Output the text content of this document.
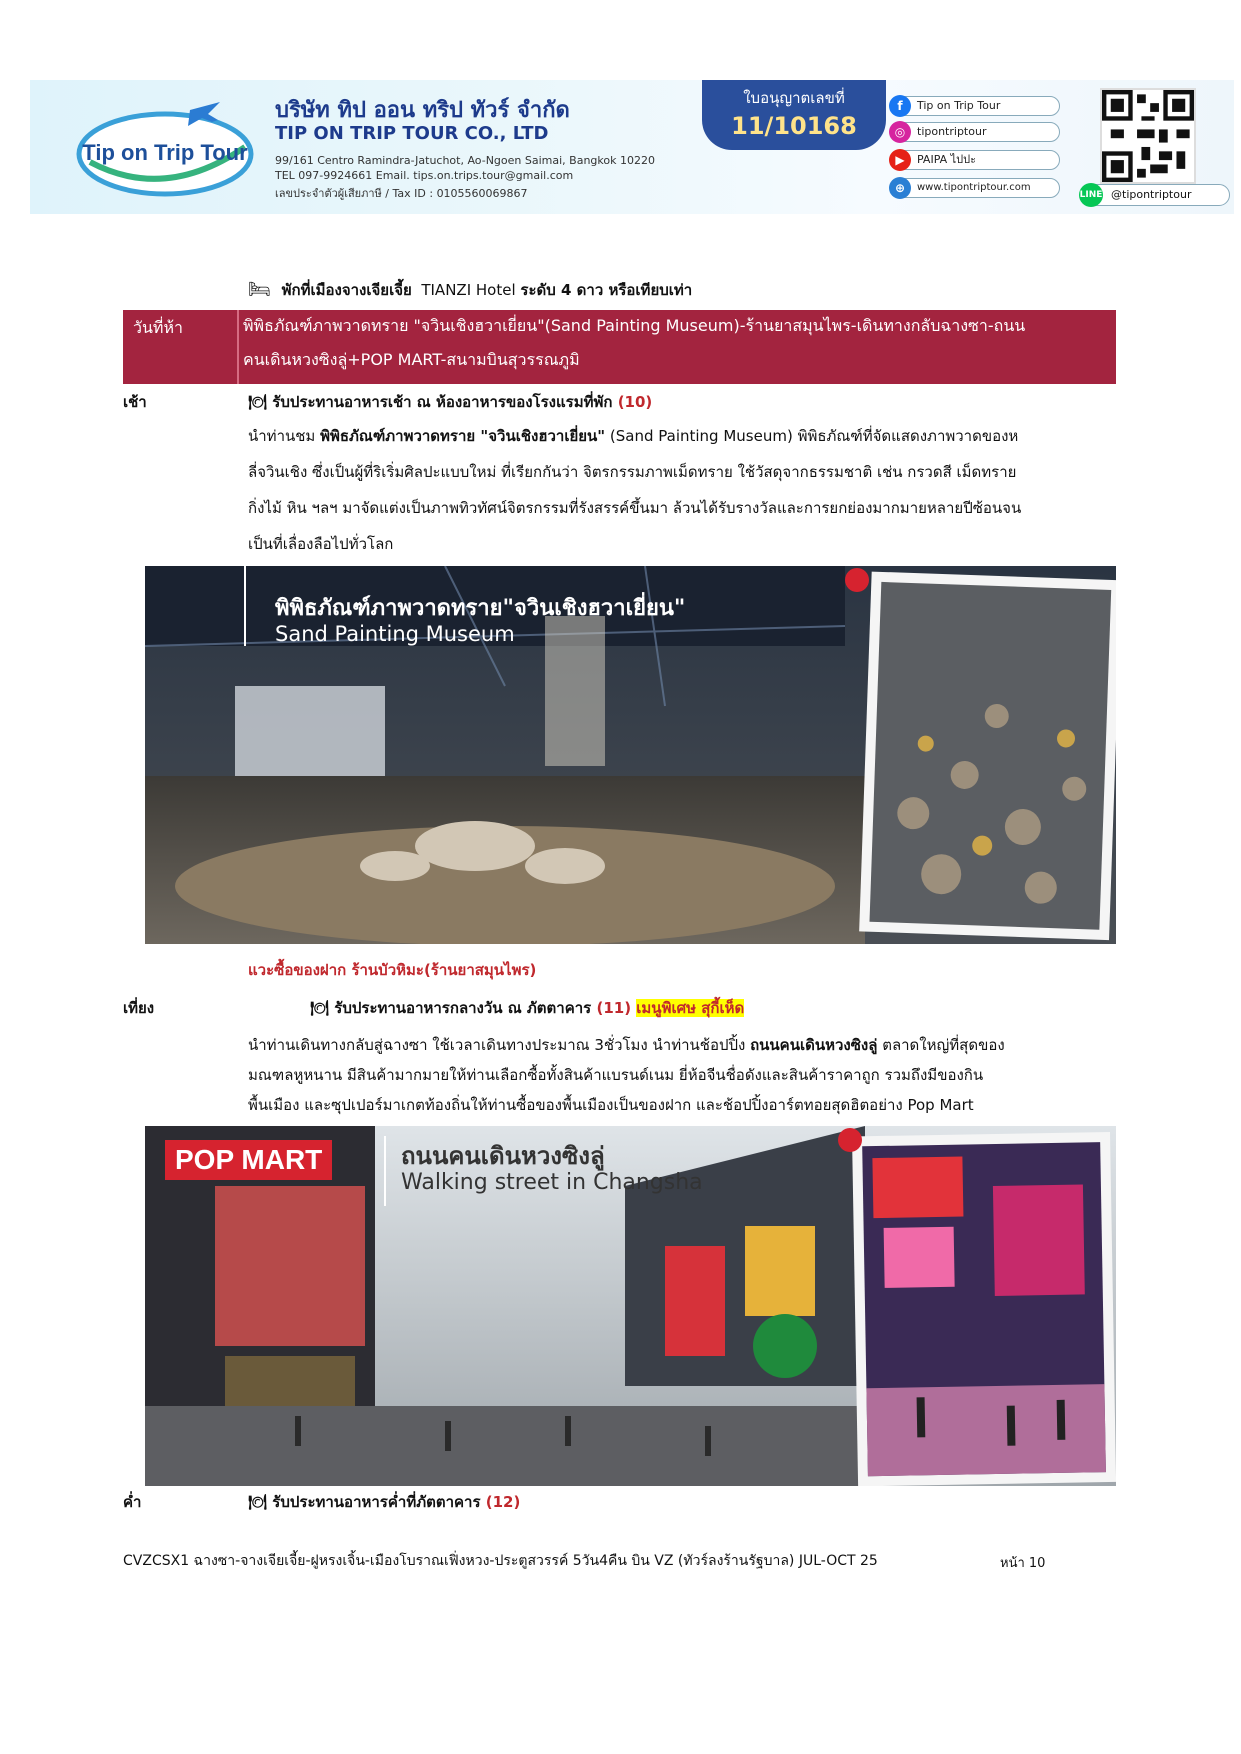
Tip on Trip Tour
บริษัท ทิป ออน ทริป ทัวร์ จำกัด
TIP ON TRIP TOUR CO., LTD
99/161 Centro Ramindra-Jatuchot, Ao-Ngoen Saimai, Bangkok 10220
TEL 097-9924661 Email. tips.on.trips.tour@gmail.com
เลขประจำตัวผู้เสียภาษี / Tax ID : 0105560069867
ใบอนุญาตเลขที่
11/10168
f	Tip on Trip Tour
◎	tipontriptour
▶	PAIPA ไปปะ
⊕	www.tipontriptour.com
LINE @tipontriptour
🛏 พักที่เมืองจางเจียเจี้ย TIANZI Hotel ระดับ 4 ดาว หรือเทียบเท่า
วันที่ห้า	พิพิธภัณฑ์ภาพวาดทราย "จวินเชิงฮวาเยี่ยน"(Sand Painting Museum)-ร้านยาสมุนไพร-เดินทางกลับฉางซา-ถนน
คนเดินหวงซิงลู่+POP MART-สนามบินสุวรรณภูมิ
เช้า	🍽 รับประทานอาหารเช้า ณ ห้องอาหารของโรงแรมที่พัก (10)
นำท่านชม พิพิธภัณฑ์ภาพวาดทราย "จวินเชิงฮวาเยี่ยน" (Sand Painting Museum) พิพิธภัณฑ์ที่จัดแสดงภาพวาดของห
ลี่จวินเชิง ซึ่งเป็นผู้ที่ริเริ่มศิลปะแบบใหม่ ที่เรียกกันว่า จิตรกรรมภาพเม็ดทราย ใช้วัสดุจากธรรมชาติ เช่น กรวดสี เม็ดทราย
กิ่งไม้ หิน ฯลฯ มาจัดแต่งเป็นภาพทิวทัศน์จิตรกรรมที่รังสรรค์ขึ้นมา ล้วนได้รับรางวัลและการยกย่องมากมายหลายปีซ้อนจน
เป็นที่เลื่องลือไปทั่วโลก
พิพิธภัณฑ์ภาพวาดทราย"จวินเชิงฮวาเยี่ยน"
Sand Painting Museum
แวะซื้อของฝาก ร้านบัวหิมะ(ร้านยาสมุนไพร)
เที่ยง	🍽 รับประทานอาหารกลางวัน ณ ภัตตาคาร (11) เมนูพิเศษ สุกี้เห็ด
นำท่านเดินทางกลับสู่ฉางซา ใช้เวลาเดินทางประมาณ 3ชั่วโมง นำท่านช้อปปิ้ง ถนนคนเดินหวงซิงลู่ ตลาดใหญ่ที่สุดของ
มณฑลหูหนาน มีสินค้ามากมายให้ท่านเลือกซื้อทั้งสินค้าแบรนด์เนม ยี่ห้อจีนชื่อดังและสินค้าราคาถูก รวมถึงมีของกิน
พื้นเมือง และซุปเปอร์มาเกตท้องถิ่นให้ท่านซื้อของพื้นเมืองเป็นของฝาก และช้อปปิ้งอาร์ตทอยสุดฮิตอย่าง Pop Mart
POP MART	ถนนคนเดินหวงซิงลู่
Walking street in Changsha
ค่ำ	🍽 รับประทานอาหารค่ำที่ภัตตาคาร (12)
CVZCSX1 ฉางซา-จางเจียเจี้ย-ฝูหรงเจิ้น-เมืองโบราณเฟิ่งหวง-ประตูสวรรค์ 5วัน4คืน บิน VZ (ทัวร์ลงร้านรัฐบาล) JUL-OCT 25	หน้า 10
